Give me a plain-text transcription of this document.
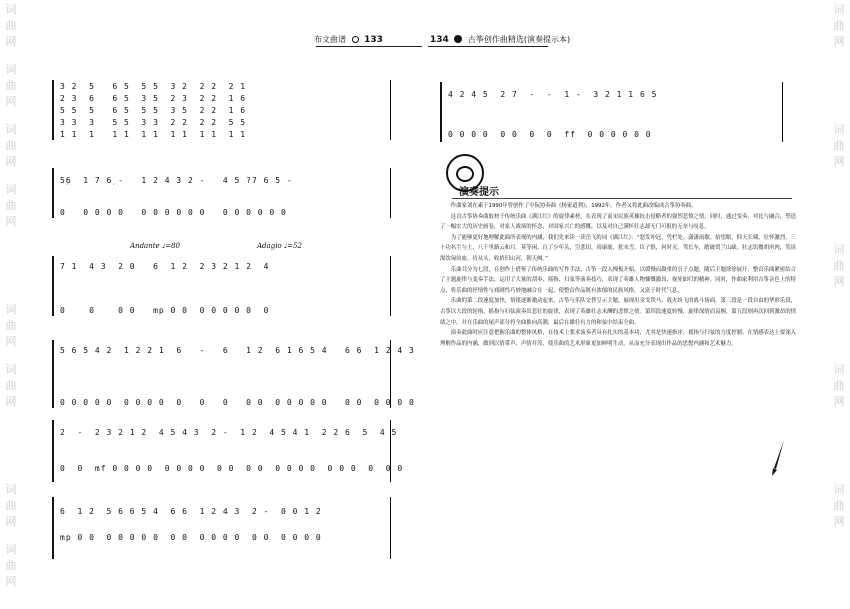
词
曲
网
词
曲
网
词
曲
网
词
曲
网
词
曲
网
词
曲
网
词
曲
网
词
曲
网
词
曲
网
词
曲
网
词
曲
网
词
曲
网
词
曲
网
布文曲谱 133
3 2  5   6 5  5 5  3 2  2 2  2 1
2 3  6   6 5  3 5  2 3  2 2  1 6
5 5  5   6 5  5 5  3 5  2 2  1 6
3 3  3   5 5  3 3  2 2  2 2  5 5
1 1  1   1 1  1 1  1 1  1 1  1 1
5̣6  1 7 6̣ -   1 2 4 3 2 -   4 5 ?7 6 5 -
0   0 0 0 0   0 0 0 0 0 0   0 0 0 0 0 0
Andante ♩=80	Adagio ♩=52
7 1  4 3  2 0   6  1 2  2 3 2 1 2  4
0    0    0 0   mp 0 0  0 0 0 0 0  0
5 6 5 4 2  1 2 2 1  6   -   6   1 2  6 1 6 5 4   6 6  1 2 4 3
0 0 0 0 0  0 0 0 0  0   0   0   0 0  0 0 0 0 0   0 0  0 0 0 0
2  -  2 3 2 1 2  4 5 4 3  2 -  1 2  4 5 4 1  2 2 6  5  4 5
0  0  mf 0 0 0 0  0 0 0 0  0 0  0 0  0 0 0 0  0 0 0  0  0 0
6  1 2  5 6 6 5 4  6 6  1 2 4 3  2 -  0 0 1 2
mp 0 0  0 0 0 0 0  0 0  0 0 0 0  0 0  0 0 0 0
134 古筝创作曲精选(演奏提示本)
4 2 4 5  2 7  -  -  1 -  3 2 1 1 6 5
0 0 0 0  0 0  0  0  ff  0 0 0 0 0 0
演奏提示

作曲家刘在素于1990年曾创作了中阮协奏曲《杨家道刹》，1992年，作者又将此曲改编成古筝协奏曲。

这首古筝协奏曲取材于传统乐曲《满江红》的旋律素材，在表现了南宋民族英雄抗击侵略者的强烈悲愤之情。同时，通过变奏、对比与融合，塑造了一幅宏大的历史画卷，对家人战场的怀念、对国家兴亡的感慨，以及对自己满怀壮志却无门可报的无奈与叹息。

为了能够更好地理解此曲所表现的内涵，我们先来读一读岳飞的词《满江红》：“怒发冲冠，凭栏处、潇潇雨歇。抬望眼，仰天长啸，壮怀激烈。三十功名尘与土，八千里路云和月。莫等闲，白了少年头，空悲切。靖康耻，犹未雪。臣子恨，何时灭。驾长车，踏破贺兰山缺。壮志饥餐胡虏肉，笑谈渴饮匈奴血。待从头，收拾旧山河，朝天阙。”

乐曲共分为七段，在创作上借鉴了传统乐曲的写作手法，古筝一段入慢板开始，以缓慢而凝重的引子点题，随后主题徐徐展开。整首乐曲紧密结合了主题旋律与变奏手法，运用了大量的刮奏、摇指、扫弦等演奏技巧，表现了英雄人物慷慨激昂、视死如归的精神。同时，作曲家利用古筝音色上的特点，将乐曲的抒情性与戏剧性巧妙地融合在一起，使整首作品既有浓郁的民族风格，又富于时代气息。

乐曲的第二段速度加快，情绪逐渐激动起来，古筝与乐队交替呈示主题，展现出金戈铁马、战火纷飞的战斗场面。第三段是一段自由的华彩乐段，古筝以大段的轮指、摇指与扫弦演奏出悲壮的旋律，表现了英雄壮志未酬的悲愤之情。第四段速度转慢，旋律深情而哀婉，第五段则再次回到激昂的情绪之中，并在乐曲的尾声部分将全曲推向高潮，最后在雄壮有力的和弦中结束全曲。

演奏此曲时应注意把握乐曲的整体风格，在技术上要求演奏者具有扎实的基本功，尤其是快速指序、摇指与扫弦的力度控制。在情感表达上要深入理解作品的内涵，做到以情带声、声情并茂，使乐曲的艺术形象更加鲜明生动，从而充分表现出作品的思想内涵和艺术魅力。
